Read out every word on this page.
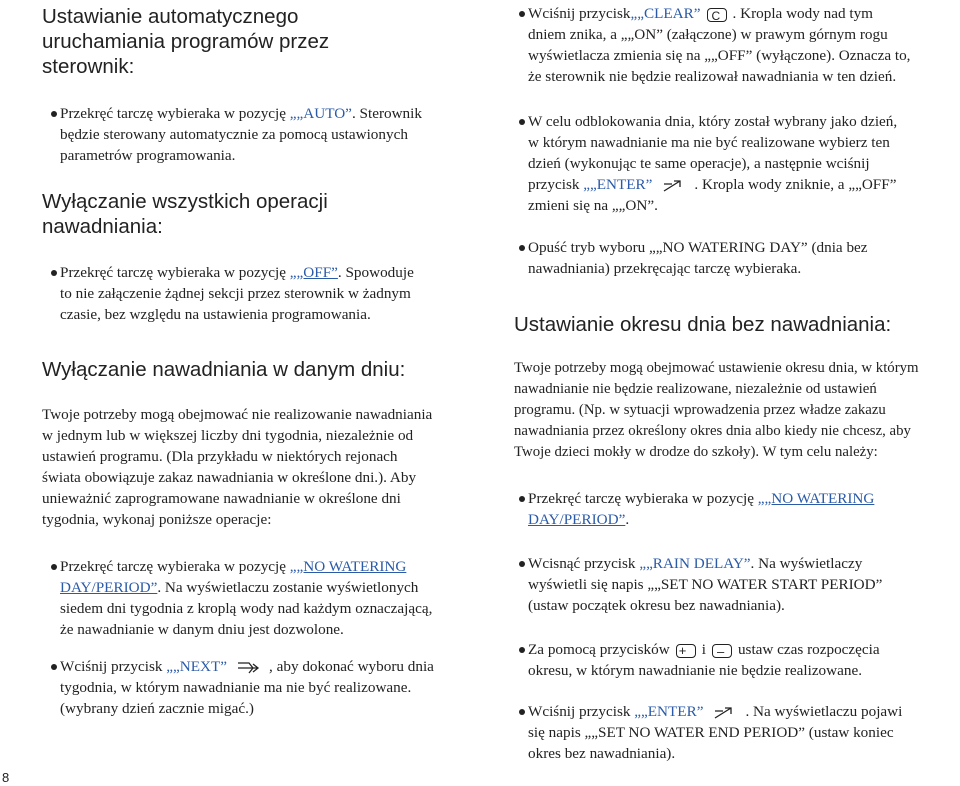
Ustawianie automatycznego
uruchamiania programów przez
sterownik:
Przekręć tarczę wybieraka w pozycję „„AUTO”. Sterownik
będzie sterowany automatycznie za pomocą ustawionych
parametrów programowania.
Wyłączanie wszystkich operacji
nawadniania:
Przekręć tarczę wybieraka w pozycję „„OFF”. Spowoduje
to nie załączenie żądnej sekcji przez sterownik w żadnym
czasie, bez względu na ustawienia programowania.
Wyłączanie nawadniania w danym dniu:
Twoje potrzeby mogą obejmować nie realizowanie nawadniania
w jednym lub w większej liczby dni tygodnia, niezależnie od
ustawień programu. (Dla przykładu w niektórych rejonach
świata obowiązuje zakaz nawadniania w określone dni.). Aby
unieważnić zaprogramowane nawadnianie w określone dni
tygodnia, wykonaj poniższe operacje:
Przekręć tarczę wybieraka w pozycję „„NO WATERING
DAY/PERIOD”. Na wyświetlaczu zostanie wyświetlonych
siedem dni tygodnia z kroplą wody nad każdym oznaczającą,
że nawadnianie w danym dniu jest dozwolone.
Wciśnij przycisk „„NEXT”	, aby dokonać wyboru dnia
tygodnia, w którym nawadnianie ma nie być realizowane.
(wybrany dzień zacznie migać.)
Wciśnij przycisk„„CLEAR” C . Kropla wody nad tym
dniem znika, a „„ON” (załączone) w prawym górnym rogu
wyświetlacza zmienia się na „„OFF” (wyłączone). Oznacza to,
że sterownik nie będzie realizował nawadniania w ten dzień.
W celu odblokowania dnia, który został wybrany jako dzień,
w którym nawadnianie ma nie być realizowane wybierz ten
dzień (wykonując te same operacje), a następnie wciśnij
przycisk „„ENTER”	. Kropla wody zniknie, a „„OFF”
zmieni się na „„ON”.
Opuść tryb wyboru „„NO WATERING DAY” (dnia bez
nawadniania) przekręcając tarczę wybieraka.
Ustawianie okresu dnia bez nawadniania:
Twoje potrzeby mogą obejmować ustawienie okresu dnia, w którym
nawadnianie nie będzie realizowane, niezależnie od ustawień
programu. (Np. w sytuacji wprowadzenia przez władze zakazu
nawadniania przez określony okres dnia albo kiedy nie chcesz, aby
Twoje dzieci mokły w drodze do szkoły). W tym celu należy:
Przekręć tarczę wybieraka w pozycję „„NO WATERING
DAY/PERIOD”.
Wcisnąć przycisk „„RAIN DELAY”. Na wyświetlaczy
wyświetli się napis „„SET NO WATER START PERIOD”
(ustaw początek okresu bez nawadniania).
Za pomocą przycisków + i – ustaw czas rozpoczęcia
okresu, w którym nawadnianie nie będzie realizowane.
Wciśnij przycisk „„ENTER”	. Na wyświetlaczu pojawi
się napis „„SET NO WATER END PERIOD” (ustaw koniec
okres bez nawadniania).
8
